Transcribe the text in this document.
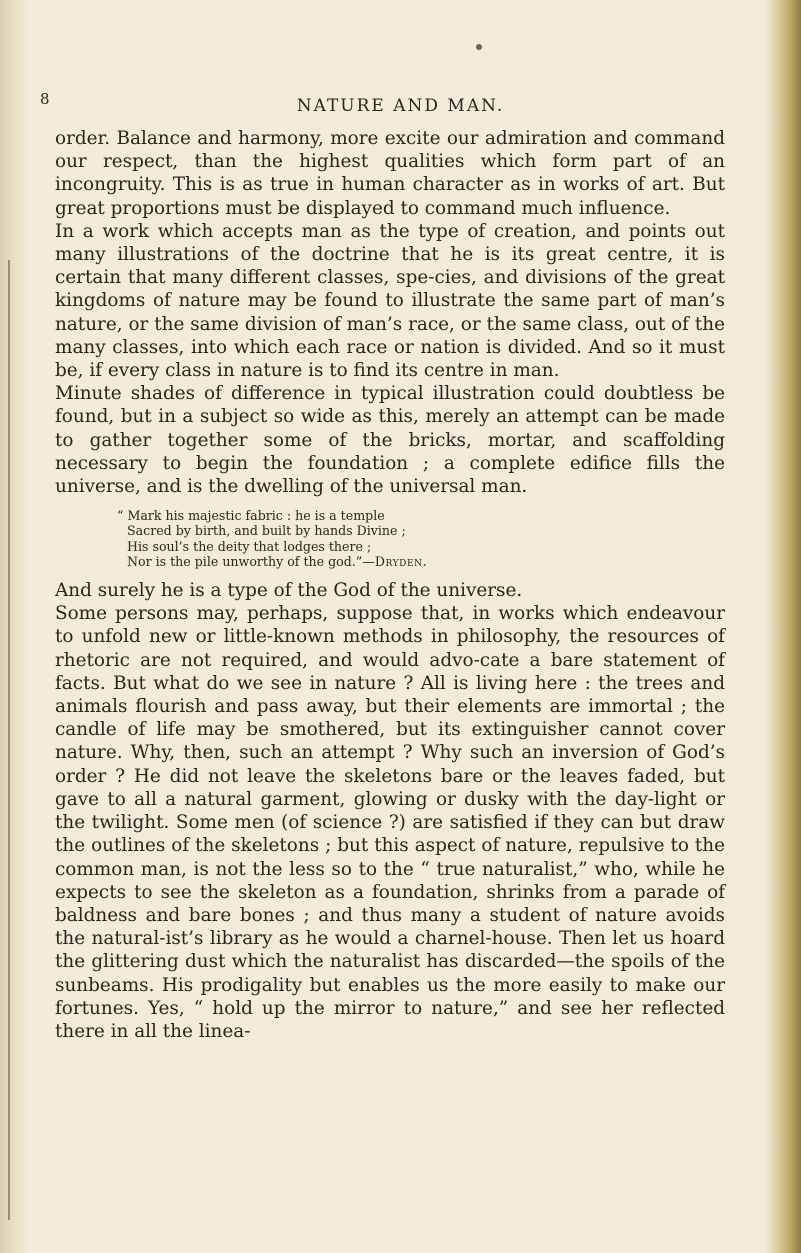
8	NATURE AND MAN.

order. Balance and harmony, more excite our admiration and command our respect, than the highest qualities which form part of an incongruity. This is as true in human character as in works of art. But great proportions must be displayed to command much influence.

In a work which accepts man as the type of creation, and points out many illustrations of the doctrine that he is its great centre, it is certain that many different classes, spe-cies, and divisions of the great kingdoms of nature may be found to illustrate the same part of man’s nature, or the same division of man’s race, or the same class, out of the many classes, into which each race or nation is divided. And so it must be, if every class in nature is to find its centre in man.

Minute shades of difference in typical illustration could doubtless be found, but in a subject so wide as this, merely an attempt can be made to gather together some of the bricks, mortar, and scaffolding necessary to begin the foundation ; a complete edifice fills the universe, and is the dwelling of the universal man.

“ Mark his majestic fabric : he is a temple

Sacred by birth, and built by hands Divine ;

His soul’s the deity that lodges there ;

Nor is the pile unworthy of the god.”—Dryden.

And surely he is a type of the God of the universe.

Some persons may, perhaps, suppose that, in works which endeavour to unfold new or little-known methods in philosophy, the resources of rhetoric are not required, and would advo-cate a bare statement of facts. But what do we see in nature ? All is living here : the trees and animals flourish and pass away, but their elements are immortal ; the candle of life may be smothered, but its extinguisher cannot cover nature. Why, then, such an attempt ? Why such an inversion of God’s order ? He did not leave the skeletons bare or the leaves faded, but gave to all a natural garment, glowing or dusky with the day-light or the twilight. Some men (of science ?) are satisfied if they can but draw the outlines of the skeletons ; but this aspect of nature, repulsive to the common man, is not the less so to the “ true naturalist,” who, while he expects to see the skeleton as a foundation, shrinks from a parade of baldness and bare bones ; and thus many a student of nature avoids the natural-ist’s library as he would a charnel-house. Then let us hoard the glittering dust which the naturalist has discarded—the spoils of the sunbeams. His prodigality but enables us the more easily to make our fortunes. Yes, “ hold up the mirror to nature,” and see her reflected there in all the linea-
